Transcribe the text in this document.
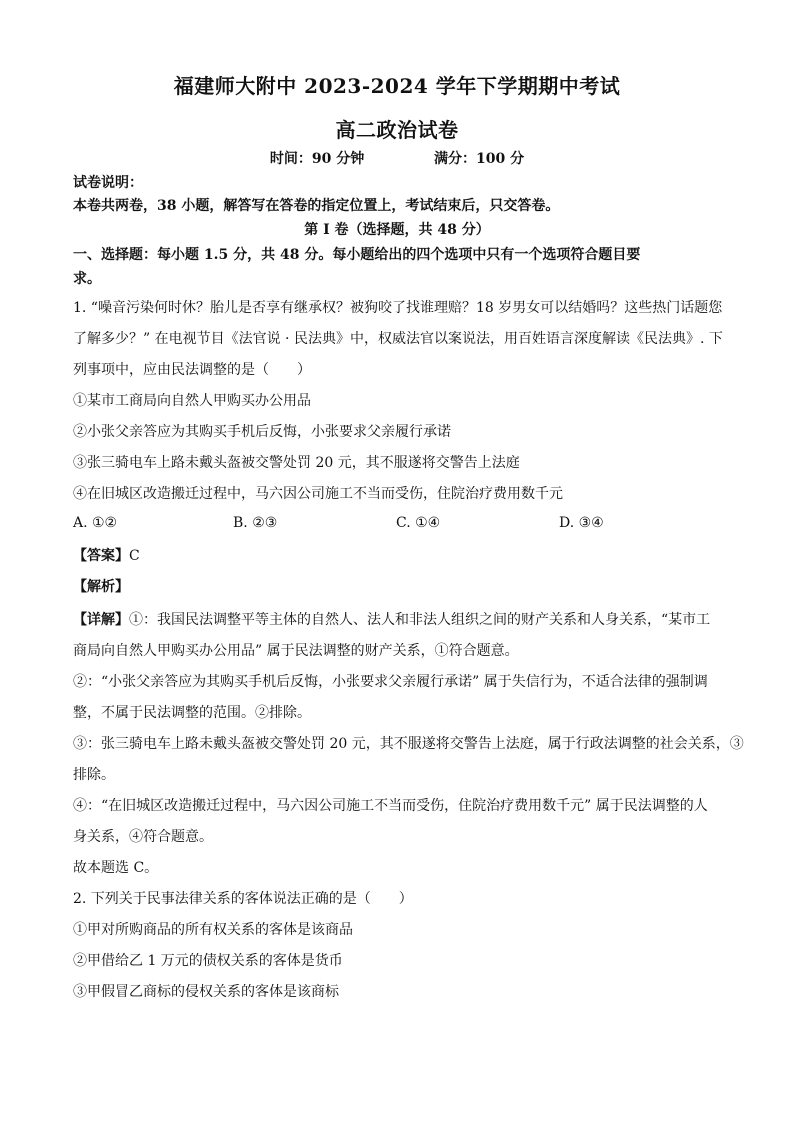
福建师大附中 2023-2024 学年下学期期中考试
高二政治试卷
时间：90 分钟	满分：100 分
试卷说明：
本卷共两卷，38 小题，解答写在答卷的指定位置上，考试结束后，只交答卷。
第 I 卷（选择题，共 48 分）
一、选择题：每小题 1.5 分，共 48 分。每小题给出的四个选项中只有一个选项符合题目要
求。
1. “噪音污染何时休？胎儿是否享有继承权？被狗咬了找谁理赔？18 岁男女可以结婚吗？这些热门话题您
了解多少？” 在电视节目《法官说 · 民法典》中，权威法官以案说法，用百姓语言深度解读《民法典》. 下
列事项中，应由民法调整的是（　　）
①某市工商局向自然人甲购买办公用品
②小张父亲答应为其购买手机后反悔，小张要求父亲履行承诺
③张三骑电车上路未戴头盔被交警处罚 20 元，其不服遂将交警告上法庭
④在旧城区改造搬迁过程中，马六因公司施工不当而受伤，住院治疗费用数千元
A. ①②	B. ②③	C. ①④	D. ③④
【答案】C
【解析】
【详解】①：我国民法调整平等主体的自然人、法人和非法人组织之间的财产关系和人身关系，“某市工
商局向自然人甲购买办公用品” 属于民法调整的财产关系，①符合题意。
②：“小张父亲答应为其购买手机后反悔，小张要求父亲履行承诺” 属于失信行为，不适合法律的强制调
整，不属于民法调整的范围。②排除。
③：张三骑电车上路未戴头盔被交警处罚 20 元，其不服遂将交警告上法庭，属于行政法调整的社会关系，③
排除。
④：“在旧城区改造搬迁过程中，马六因公司施工不当而受伤，住院治疗费用数千元” 属于民法调整的人
身关系，④符合题意。
故本题选 C。
2. 下列关于民事法律关系的客体说法正确的是（　　）
①甲对所购商品的所有权关系的客体是该商品
②甲借给乙 1 万元的债权关系的客体是货币
③甲假冒乙商标的侵权关系的客体是该商标
